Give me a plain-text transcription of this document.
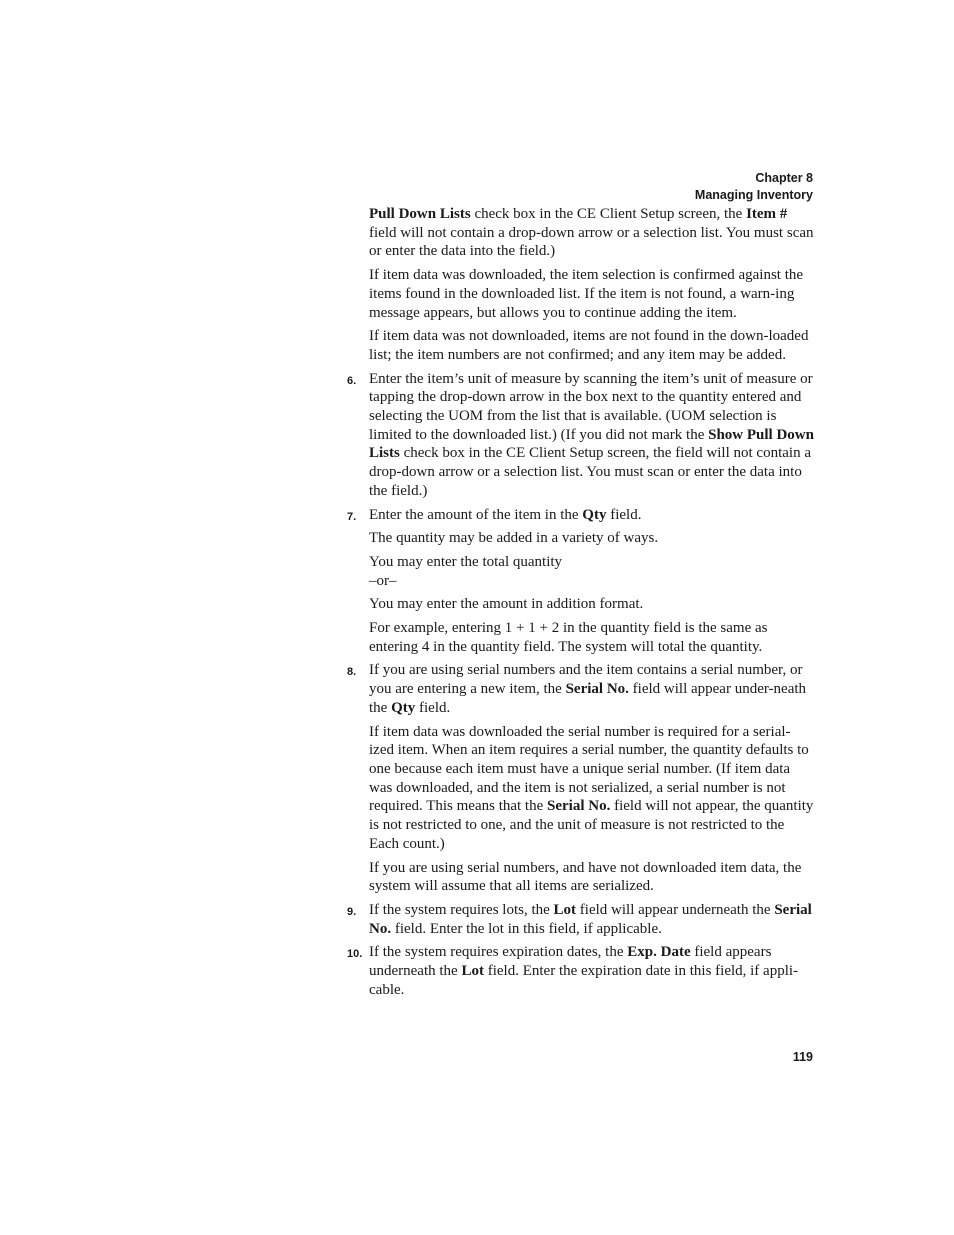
Chapter 8
Managing Inventory

Pull Down Lists check box in the CE Client Setup screen, the Item # field will not contain a drop-down arrow or a selection list. You must scan or enter the data into the field.)

If item data was downloaded, the item selection is confirmed against the items found in the downloaded list. If the item is not found, a warn-ing message appears, but allows you to continue adding the item.

If item data was not downloaded, items are not found in the down-loaded list; the item numbers are not confirmed; and any item may be added.

6. Enter the item’s unit of measure by scanning the item’s unit of measure or tapping the drop-down arrow in the box next to the quantity entered and selecting the UOM from the list that is available. (UOM selection is limited to the downloaded list.) (If you did not mark the Show Pull Down Lists check box in the CE Client Setup screen, the field will not contain a drop-down arrow or a selection list. You must scan or enter the data into the field.)

7. Enter the amount of the item in the Qty field.

The quantity may be added in a variety of ways.

You may enter the total quantity
–or–

You may enter the amount in addition format.

For example, entering 1 + 1 + 2 in the quantity field is the same as entering 4 in the quantity field. The system will total the quantity.

8. If you are using serial numbers and the item contains a serial number, or you are entering a new item, the Serial No. field will appear under-neath the Qty field.

If item data was downloaded the serial number is required for a serial-ized item. When an item requires a serial number, the quantity defaults to one because each item must have a unique serial number. (If item data was downloaded, and the item is not serialized, a serial number is not required. This means that the Serial No. field will not appear, the quantity is not restricted to one, and the unit of measure is not restricted to the Each count.)

If you are using serial numbers, and have not downloaded item data, the system will assume that all items are serialized.

9. If the system requires lots, the Lot field will appear underneath the Serial No. field. Enter the lot in this field, if applicable.

10. If the system requires expiration dates, the Exp. Date field appears underneath the Lot field. Enter the expiration date in this field, if appli-cable.

119
